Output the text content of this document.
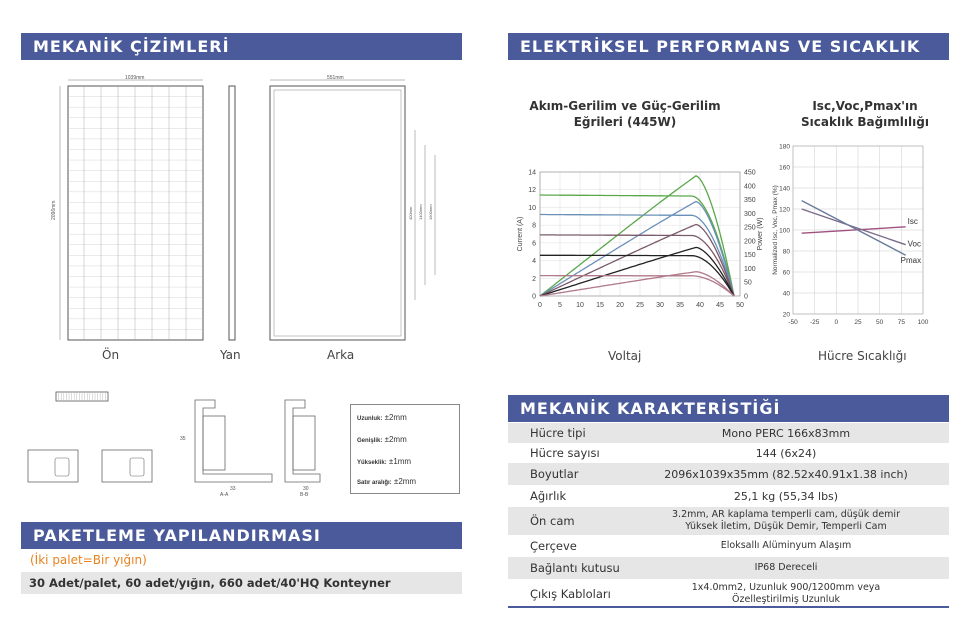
MEKANİK ÇİZİMLERİ	ELEKTRİKSEL PERFORMANS VE SICAKLIK
MEKANİK KARAKTERİSTİĞİ
PAKETLEME YAPILANDIRMASI
1039mm
2096mm
551mm
400mm 1400mm 1900mm
Ön	Yan	Arka
A-A	B-B
33
35
30
Uzunluk: ±2mm
Genişlik: ±2mm
Yükseklik: ±1mm
Satır aralığı: ±2mm
(İki palet=Bir yığın)
30 Adet/palet, 60 adet/yığın, 660 adet/40'HQ Konteyner
Akım-Gerilim ve Güç-Gerilim
Eğrileri (445W)
0 5 10 15 20 25 30 35 40 45 50
0
2
4
6
8
10
12
14
0
50
100
150
200
250
300
350
400
450
Current (A)	Power (W)
Voltaj
Isc,Voc,Pmax'ın
Sıcaklık Bağımlılığı
-50 -25 0 25 50 75 100
20
40
60
80
100
120
140
160
180
Normalized Isc, Voc, Pmax (%)	Isc
Voc
Pmax
Hücre Sıcaklığı
Hücre tipi	Mono PERC 166x83mm
Hücre sayısı	144 (6x24)
Boyutlar	2096x1039x35mm (82.52x40.91x1.38 inch)
Ağırlık	25,1 kg (55,34 lbs)
Ön cam	3.2mm, AR kaplama temperli cam, düşük demir
Yüksek İletim, Düşük Demir, Temperli Cam

Çerçeve	Eloksallı Alüminyum Alaşım
Bağlantı kutusu	IP68 Dereceli
Çıkış Kabloları	1x4.0mm2, Uzunluk 900/1200mm veya
Özelleştirilmiş Uzunluk
